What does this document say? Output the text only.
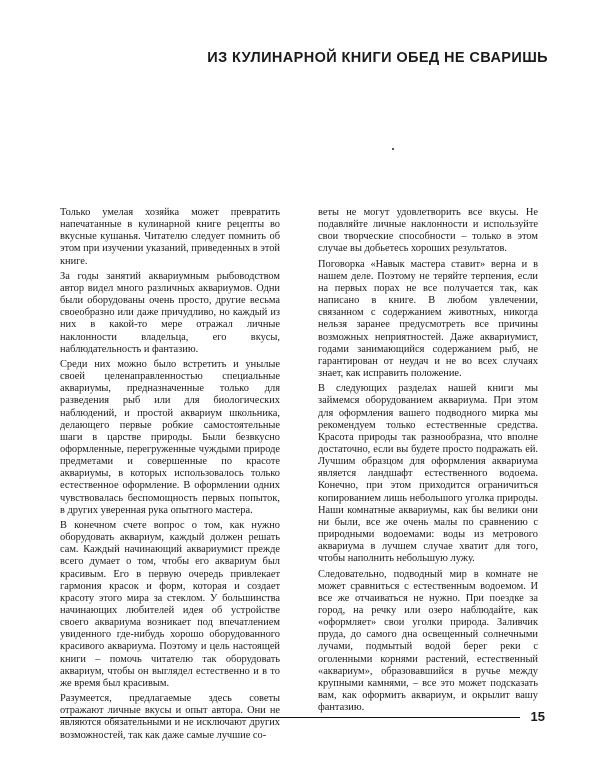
ИЗ КУЛИНАРНОЙ КНИГИ ОБЕД НЕ СВАРИШЬ

Только умелая хозяйка может превратить напечатанные в кулинарной книге рецепты во вкусные кушанья. Читателю следует помнить об этом при изучении указаний, приведенных в этой книге.

За годы занятий аквариумным рыбоводством автор видел много различных аквариумов. Одни были оборудованы очень просто, другие весьма своеобразно или даже причудливо, но каждый из них в какой-то мере отражал личные наклонности владельца, его вкусы, наблюдательность и фантазию.

Среди них можно было встретить и унылые своей целенаправленностью специальные аквариумы, предназначенные только для разведения рыб или для биологических наблюдений, и простой аквариум школьника, делающего первые робкие самостоятельные шаги в царстве природы. Были безвкусно оформленные, перегруженные чуждыми природе предметами и совершенные по красоте аквариумы, в которых использовалось только естественное оформление. В оформлении одних чувствовалась беспомощность первых попыток, в других уверенная рука опытного мастера.

В конечном счете вопрос о том, как нужно оборудовать аквариум, каждый должен решать сам. Каждый начинающий аквариумист прежде всего думает о том, чтобы его аквариум был красивым. Его в первую очередь привлекает гармония красок и форм, которая и создает красоту этого мира за стеклом. У большинства начинающих любителей идея об устройстве своего аквариума возникает под впечатлением увиденного где-нибудь хорошо оборудованного красивого аквариума. Поэтому и цель настоящей книги – помочь читателю так оборудовать аквариум, чтобы он выглядел естественно и в то же время был красивым.

Разумеется, предлагаемые здесь советы отражают личные вкусы и опыт автора. Они не являются обязательными и не исключают других возможностей, так как даже самые лучшие со-

веты не могут удовлетворить все вкусы. Не подавляйте личные наклонности и используйте свои творческие способности – только в этом случае вы добьетесь хороших результатов.

Поговорка «Навык мастера ставит» верна и в нашем деле. Поэтому не теряйте терпения, если на первых порах не все получается так, как написано в книге. В любом увлечении, связанном с содержанием животных, никогда нельзя заранее предусмотреть все причины возможных неприятностей. Даже аквариумист, годами занимающийся содержанием рыб, не гарантирован от неудач и не во всех случаях знает, как исправить положение.

В следующих разделах нашей книги мы займемся оборудованием аквариума. При этом для оформления вашего подводного мирка мы рекомендуем только естественные средства. Красота природы так разнообразна, что вполне достаточно, если вы будете просто подражать ей. Лучшим образцом для оформления аквариума является ландшафт естественного водоема. Конечно, при этом приходится ограничиться копированием лишь небольшого уголка природы. Наши комнатные аквариумы, как бы велики они ни были, все же очень малы по сравнению с природными водоемами: воды из метрового аквариума в лучшем случае хватит для того, чтобы наполнить небольшую лужу.

Следовательно, подводный мир в комнате не может сравниться с естественным водоемом. И все же отчаиваться не нужно. При поездке за город, на речку или озеро наблюдайте, как «оформляет» свои уголки природа. Заливчик пруда, до самого дна освещенный солнечными лучами, подмытый водой берег реки с оголенными корнями растений, естественный «аквариум», образовавшийся в ручье между крупными камнями, – все это может подсказать вам, как оформить аквариум, и окрылит вашу фантазию.

15
